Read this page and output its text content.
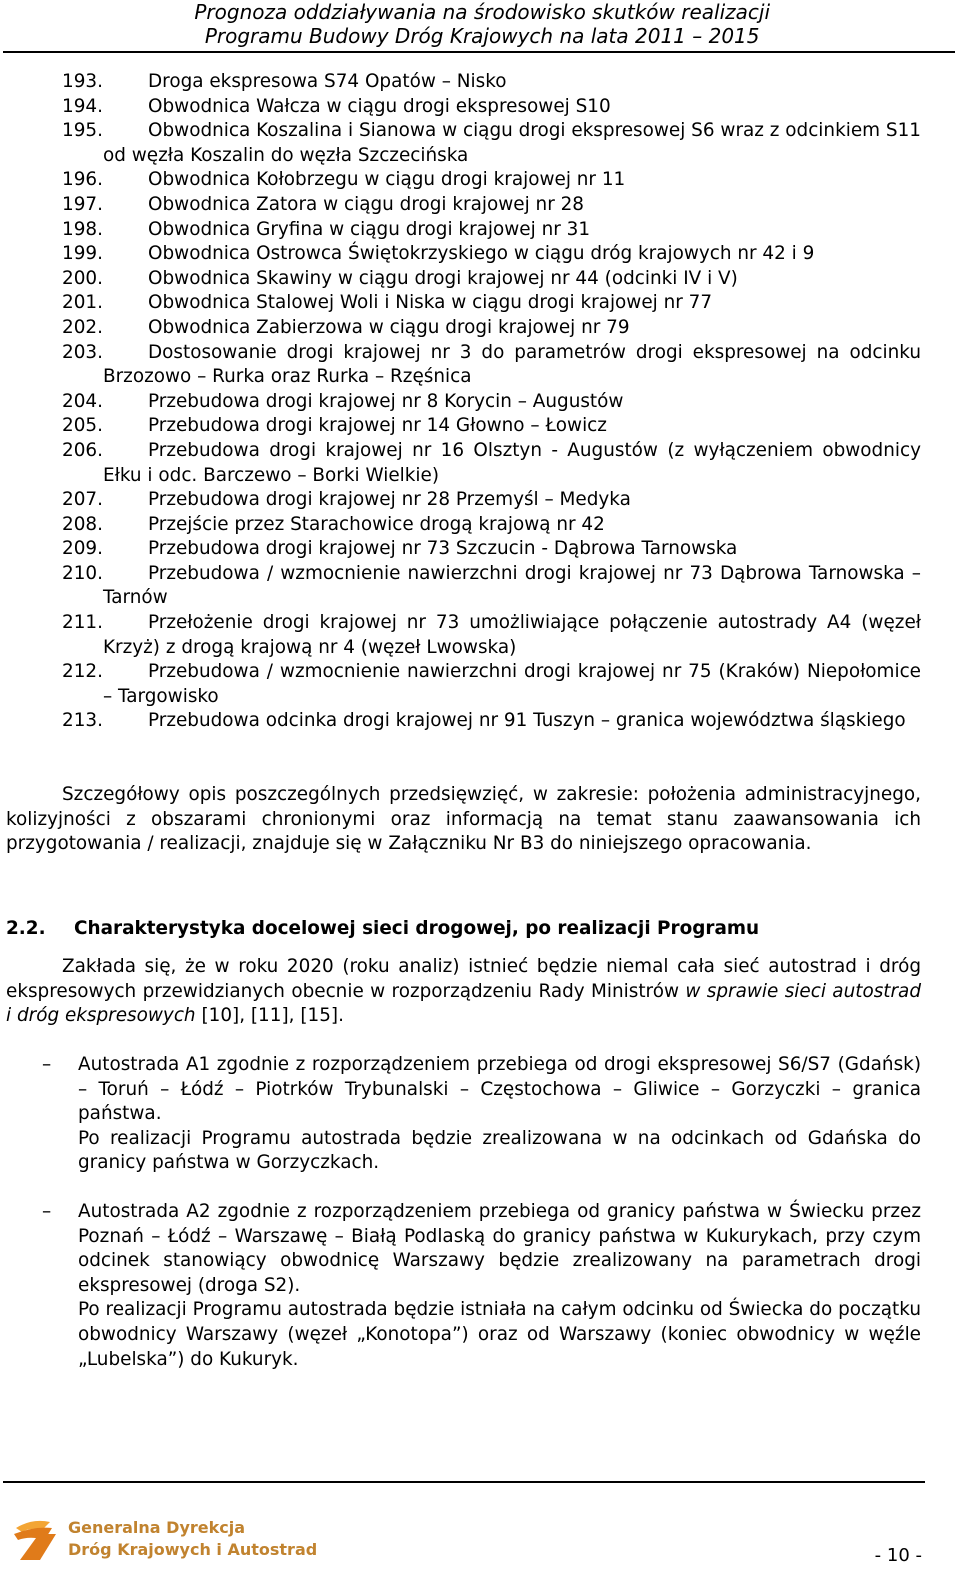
Prognoza oddziaływania na środowisko skutków realizacji
Programu Budowy Dróg Krajowych na lata 2011 – 2015
193.	Droga ekspresowa S74 Opatów – Nisko
194.	Obwodnica Wałcza w ciągu drogi ekspresowej S10
195.	Obwodnica Koszalina i Sianowa w ciągu drogi ekspresowej S6 wraz z odcinkiem S11 od węzła Koszalin do węzła Szczecińska
196.	Obwodnica Kołobrzegu w ciągu drogi krajowej nr 11
197.	Obwodnica Zatora w ciągu drogi krajowej nr 28
198.	Obwodnica Gryfina w ciągu drogi krajowej nr 31
199.	Obwodnica Ostrowca Świętokrzyskiego w ciągu dróg krajowych nr 42 i 9
200.	Obwodnica Skawiny w ciągu drogi krajowej nr 44 (odcinki IV i V)
201.	Obwodnica Stalowej Woli i Niska w ciągu drogi krajowej nr 77
202.	Obwodnica Zabierzowa w ciągu drogi krajowej nr 79
203.	Dostosowanie drogi krajowej nr 3 do parametrów drogi ekspresowej na odcinku Brzozowo – Rurka oraz Rurka – Rzęśnica
204.	Przebudowa drogi krajowej nr 8 Korycin – Augustów
205.	Przebudowa drogi krajowej nr 14 Głowno – Łowicz
206.	Przebudowa drogi krajowej nr 16 Olsztyn - Augustów (z wyłączeniem obwodnicy Ełku i odc. Barczewo – Borki Wielkie)
207.	Przebudowa drogi krajowej nr 28 Przemyśl – Medyka
208.	Przejście przez Starachowice drogą krajową nr 42
209.	Przebudowa drogi krajowej nr 73 Szczucin - Dąbrowa Tarnowska
210.	Przebudowa / wzmocnienie nawierzchni drogi krajowej nr 73 Dąbrowa Tarnowska – Tarnów
211.	Przełożenie drogi krajowej nr 73 umożliwiające połączenie autostrady A4 (węzeł Krzyż) z drogą krajową nr 4 (węzeł Lwowska)
212.	Przebudowa / wzmocnienie nawierzchni drogi krajowej nr 75 (Kraków) Niepołomice – Targowisko
213.	Przebudowa odcinka drogi krajowej nr 91 Tuszyn – granica województwa śląskiego
Szczegółowy opis poszczególnych przedsięwzięć, w zakresie: położenia administracyjnego, kolizyjności z obszarami chronionymi oraz informacją na temat stanu zaawansowania ich przygotowania / realizacji, znajduje się w Załączniku Nr B3 do niniejszego opracowania.
2.2. Charakterystyka docelowej sieci drogowej, po realizacji Programu
Zakłada się, że w roku 2020 (roku analiz) istnieć będzie niemal cała sieć autostrad i dróg ekspresowych przewidzianych obecnie w rozporządzeniu Rady Ministrów w sprawie sieci autostrad i dróg ekspresowych [10], [11], [15].
– Autostrada A1 zgodnie z rozporządzeniem przebiega od drogi ekspresowej S6/S7 (Gdańsk) – Toruń – Łódź – Piotrków Trybunalski – Częstochowa – Gliwice – Gorzyczki – granica państwa.

Po realizacji Programu autostrada będzie zrealizowana w na odcinkach od Gdańska do granicy państwa w Gorzyczkach.

– Autostrada A2 zgodnie z rozporządzeniem przebiega od granicy państwa w Świecku przez Poznań – Łódź – Warszawę – Białą Podlaską do granicy państwa w Kukurykach, przy czym odcinek stanowiący obwodnicę Warszawy będzie zrealizowany na parametrach drogi ekspresowej (droga S2).

Po realizacji Programu autostrada będzie istniała na całym odcinku od Świecka do początku obwodnicy Warszawy (węzeł „Konotopa”) oraz od Warszawy (koniec obwodnicy w węźle „Lubelska”) do Kukuryk.

Generalna Dyrekcja
Dróg Krajowych i Autostrad	- 10 -
